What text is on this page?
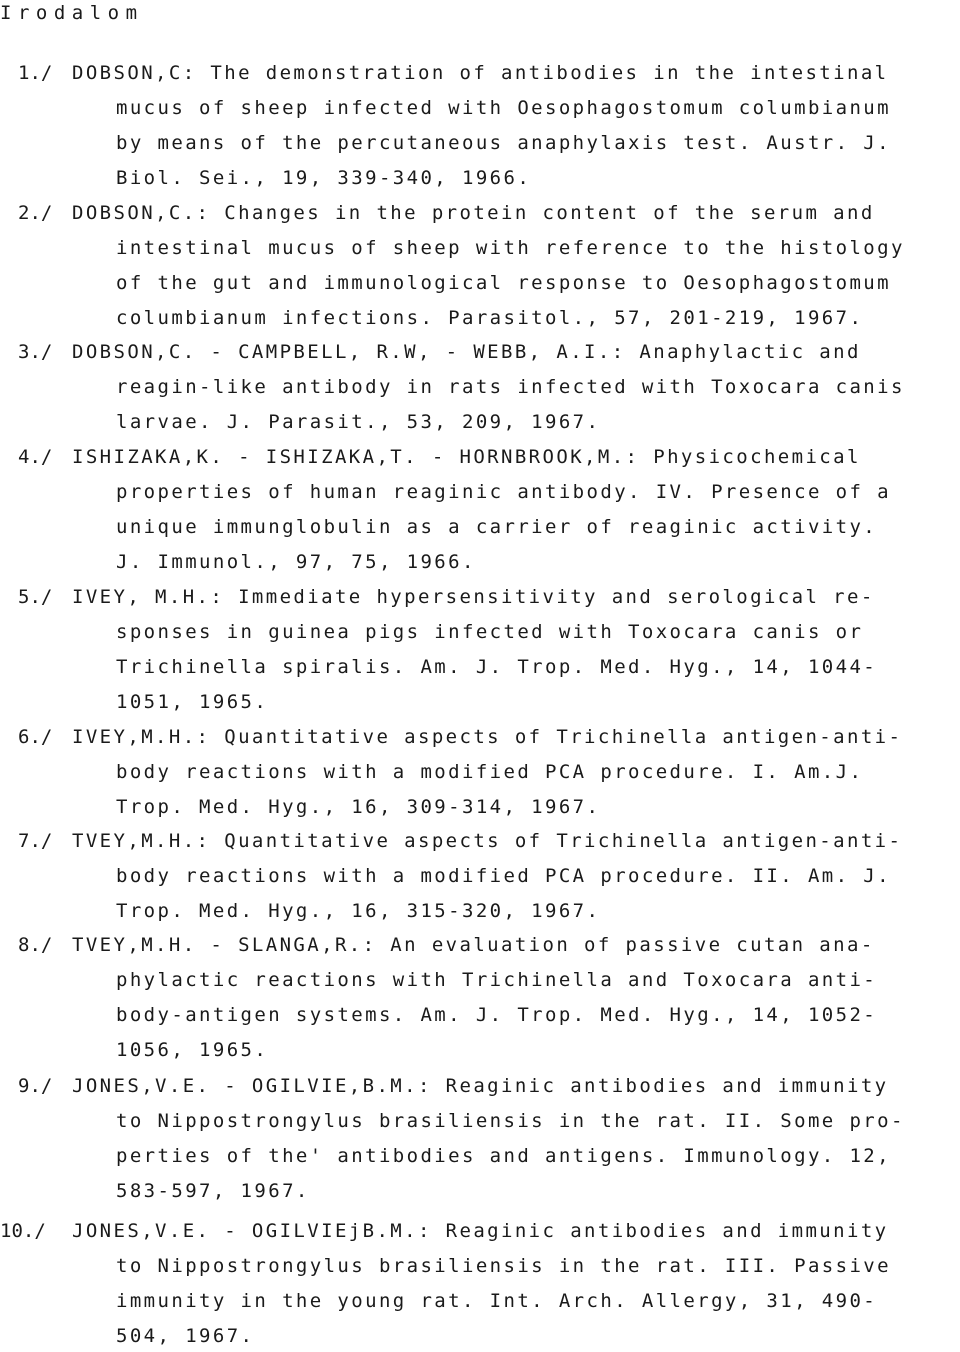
Irodalom
1./ DOBSON,C: The demonstration of antibodies in the intestinal
mucus of sheep infected with Oesophagostomum columbianum
by means of the percutaneous anaphylaxis test. Austr. J.
Biol. Sei., 19, 339-340, 1966.
2./ DOBSON,C.: Changes in the protein content of the serum and
intestinal mucus of sheep with reference to the histology
of the gut and immunological response to Oesophagostomum
columbianum infections. Parasitol., 57, 201-219, 1967.
3./ DOBSON,C. - CAMPBELL, R.W, - WEBB, A.I.: Anaphylactic and
reagin-like antibody in rats infected with Toxocara canis
larvae. J. Parasit., 53, 209, 1967.
4./ ISHIZAKA,K. - ISHIZAKA,T. - HORNBROOK,M.: Physicochemical
properties of human reaginic antibody. IV. Presence of a
unique immunglobulin as a carrier of reaginic activity.
J. Immunol., 97, 75, 1966.
5./ IVEY, M.H.: Immediate hypersensitivity and serological re-
sponses in guinea pigs infected with Toxocara canis or
Trichinella spiralis. Am. J. Trop. Med. Hyg., 14, 1044-
1051, 1965.
6./ IVEY,M.H.: Quantitative aspects of Trichinella antigen-anti-
body reactions with a modified PCA procedure. I. Am.J.
Trop. Med. Hyg., 16, 309-314, 1967.
7./ TVEY,M.H.: Quantitative aspects of Trichinella antigen-anti-
body reactions with a modified PCA procedure. II. Am. J.
Trop. Med. Hyg., 16, 315-320, 1967.
8./ TVEY,M.H. - SLANGA,R.: An evaluation of passive cutan ana-
phylactic reactions with Trichinella and Toxocara anti-
body-antigen systems. Am. J. Trop. Med. Hyg., 14, 1052-
1056, 1965.
9./ JONES,V.E. - OGILVIE,B.M.: Reaginic antibodies and immunity
to Nippostrongylus brasiliensis in the rat. II. Some pro-
perties of the' antibodies and antigens. Immunology. 12,
583-597, 1967.
10./ JONES,V.E. - OGILVIEjB.M.: Reaginic antibodies and immunity
to Nippostrongylus brasiliensis in the rat. III. Passive
immunity in the young rat. Int. Arch. Allergy, 31, 490-
504, 1967.
